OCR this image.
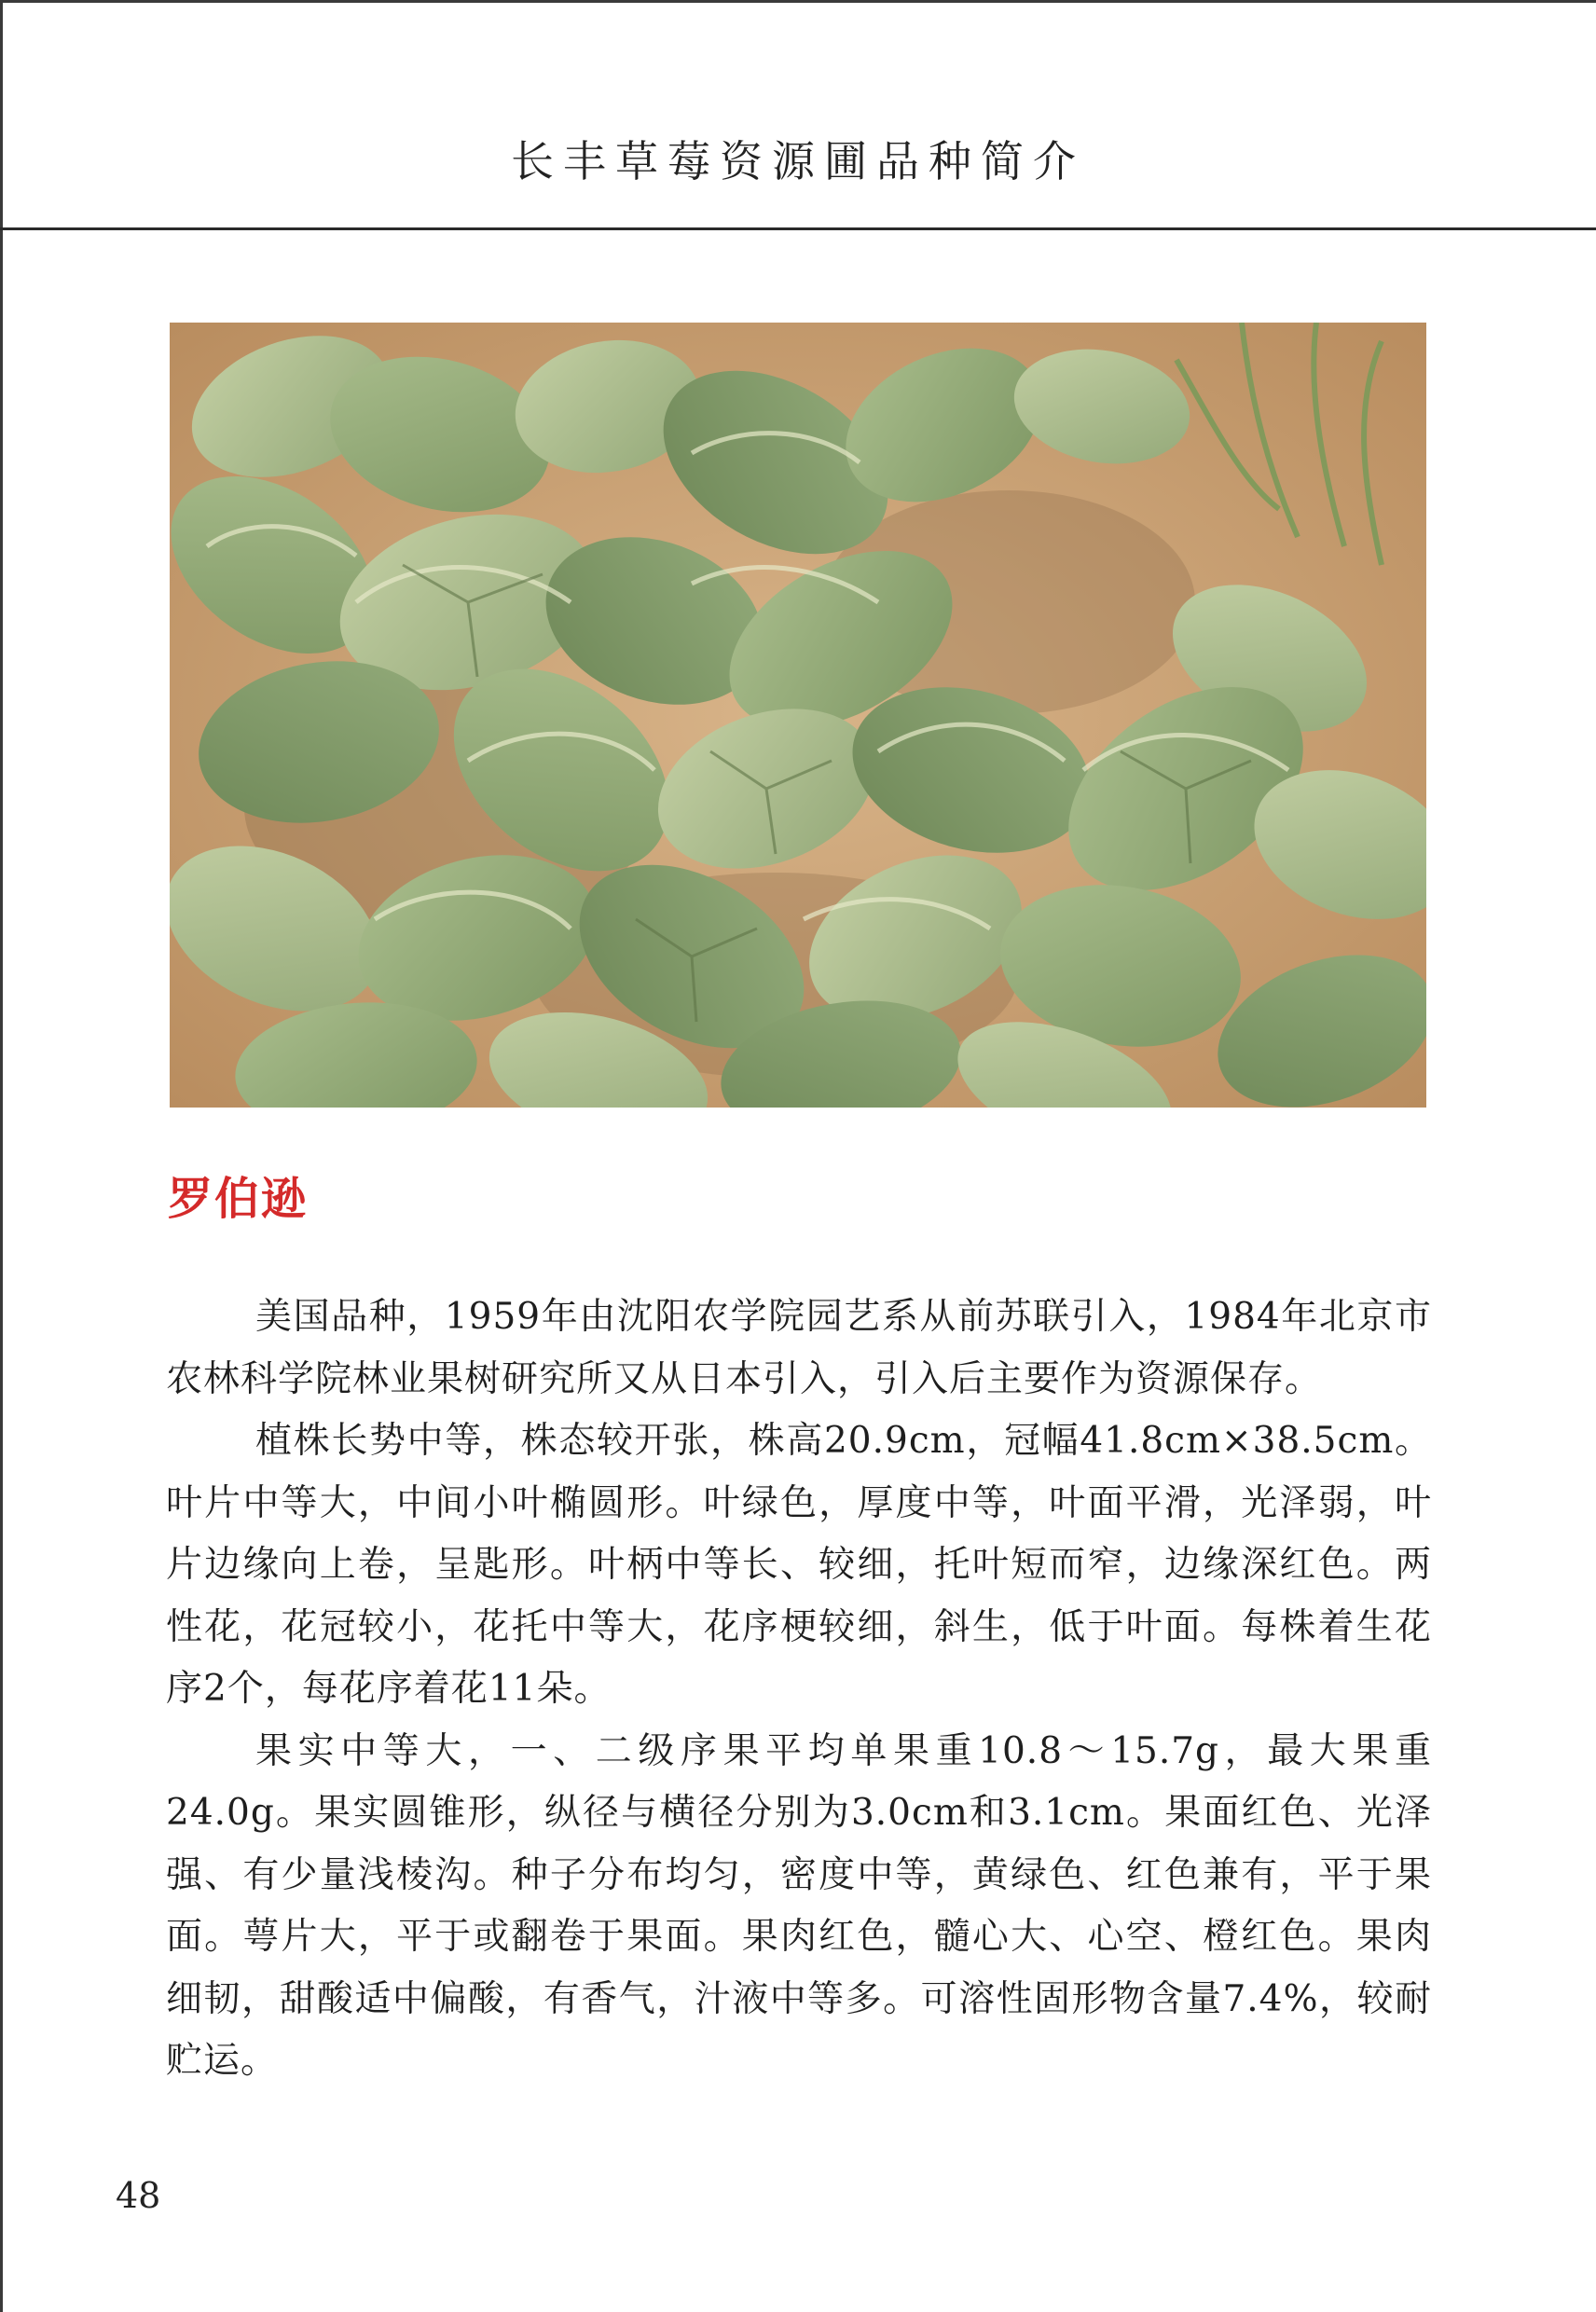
长丰草莓资源圃品种简介
罗伯逊

美国品种，1959年由沈阳农学院园艺系从前苏联引入，1984年北京市农林科学院林业果树研究所又从日本引入，引入后主要作为资源保存。

植株长势中等，株态较开张，株高20.9cm，冠幅41.8cm×38.5cm。叶片中等大，中间小叶椭圆形。叶绿色，厚度中等，叶面平滑，光泽弱，叶片边缘向上卷，呈匙形。叶柄中等长、较细，托叶短而窄，边缘深红色。两性花，花冠较小，花托中等大，花序梗较细，斜生，低于叶面。每株着生花序2个，每花序着花11朵。

果实中等大，一、二级序果平均单果重10.8～15.7g，最大果重24.0g。果实圆锥形，纵径与横径分别为3.0cm和3.1cm。果面红色、光泽强、有少量浅棱沟。种子分布均匀，密度中等，黄绿色、红色兼有，平于果面。萼片大，平于或翻卷于果面。果肉红色，髓心大、心空、橙红色。果肉细韧，甜酸适中偏酸，有香气，汁液中等多。可溶性固形物含量7.4%，较耐贮运。

48
